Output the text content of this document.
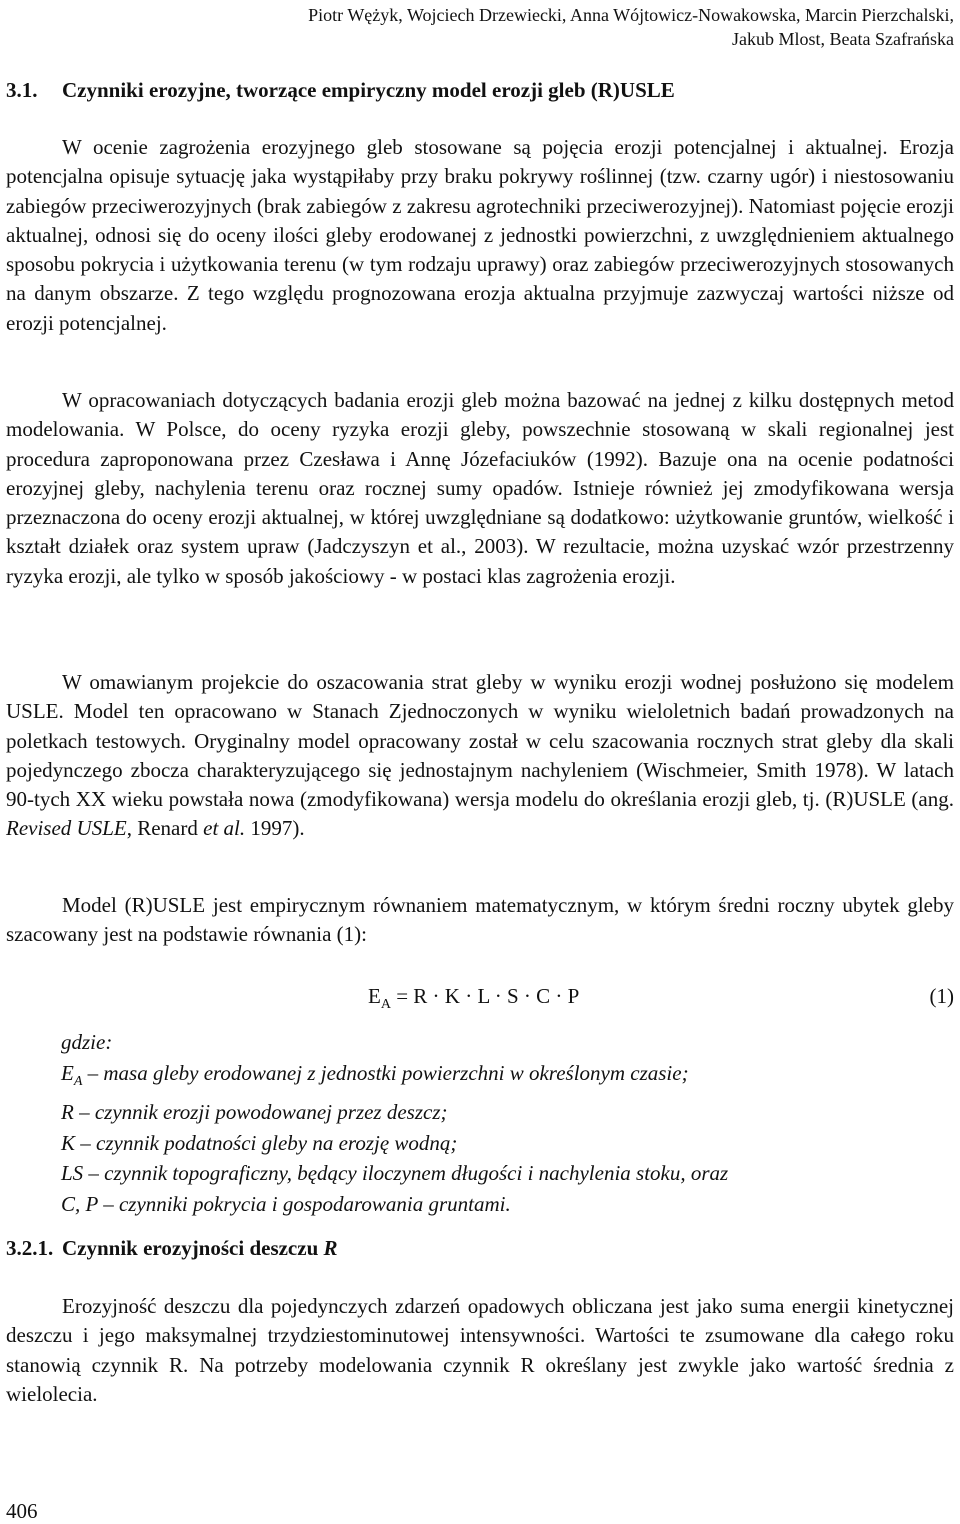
Piotr Wężyk, Wojciech Drzewiecki, Anna Wójtowicz-Nowakowska, Marcin Pierzchalski,
Jakub Mlost, Beata Szafrańska
3.1. Czynniki erozyjne, tworzące empiryczny model erozji gleb (R)USLE

W ocenie zagrożenia erozyjnego gleb stosowane są pojęcia erozji potencjalnej i aktualnej. Erozja potencjalna opisuje sytuację jaka wystąpiłaby przy braku pokrywy roślinnej (tzw. czarny ugór) i niestosowaniu zabiegów przeciwerozyjnych (brak zabiegów z zakresu agrotechniki przeciwerozyjnej). Natomiast pojęcie erozji aktualnej, odnosi się do oceny ilości gleby erodowanej z jednostki powierzchni, z uwzględnieniem aktualnego sposobu pokrycia i użytkowania terenu (w tym rodzaju uprawy) oraz zabiegów przeciwerozyjnych stosowanych na danym obszarze. Z tego względu prognozowana erozja aktualna przyjmuje zazwyczaj wartości niższe od erozji potencjalnej.

W opracowaniach dotyczących badania erozji gleb można bazować na jednej z kilku dostępnych metod modelowania. W Polsce, do oceny ryzyka erozji gleby, powszechnie stosowaną w skali regionalnej jest procedura zaproponowana przez Czesława i Annę Józefaciuków (1992). Bazuje ona na ocenie podatności erozyjnej gleby, nachylenia terenu oraz rocznej sumy opadów. Istnieje również jej zmodyfikowana wersja przeznaczona do oceny erozji aktualnej, w której uwzględniane są dodatkowo: użytkowanie gruntów, wielkość i kształt działek oraz system upraw (Jadczyszyn et al., 2003). W rezultacie, można uzyskać wzór przestrzenny ryzyka erozji, ale tylko w sposób jakościowy - w postaci klas zagrożenia erozji.

W omawianym projekcie do oszacowania strat gleby w wyniku erozji wodnej posłużono się modelem USLE. Model ten opracowano w Stanach Zjednoczonych w wyniku wieloletnich badań prowadzonych na poletkach testowych. Oryginalny model opracowany został w celu szacowania rocznych strat gleby dla skali pojedynczego zbocza charakteryzującego się jednostajnym nachyleniem (Wischmeier, Smith 1978). W latach 90-tych XX wieku powstała nowa (zmodyfikowana) wersja modelu do określania erozji gleb, tj. (R)USLE (ang. Revised USLE, Renard et al. 1997).

Model (R)USLE jest empirycznym równaniem matematycznym, w którym średni roczny ubytek gleby szacowany jest na podstawie równania (1):

$E_A = R \cdot K \cdot L \cdot S \cdot C \cdot P$	(1)
gdzie:
$E_A$ – masa gleby erodowanej z jednostki powierzchni w określonym czasie;
R – czynnik erozji powodowanej przez deszcz;
K – czynnik podatności gleby na erozję wodną;
LS – czynnik topograficzny, będący iloczynem długości i nachylenia stoku, oraz
C, P – czynniki pokrycia i gospodarowania gruntami.
3.2.1. Czynnik erozyjności deszczu R

Erozyjność deszczu dla pojedynczych zdarzeń opadowych obliczana jest jako suma energii kinetycznej deszczu i jego maksymalnej trzydziestominutowej intensywności. Wartości te zsumowane dla całego roku stanowią czynnik R. Na potrzeby modelowania czynnik R określany jest zwykle jako wartość średnia z wielolecia.

406
